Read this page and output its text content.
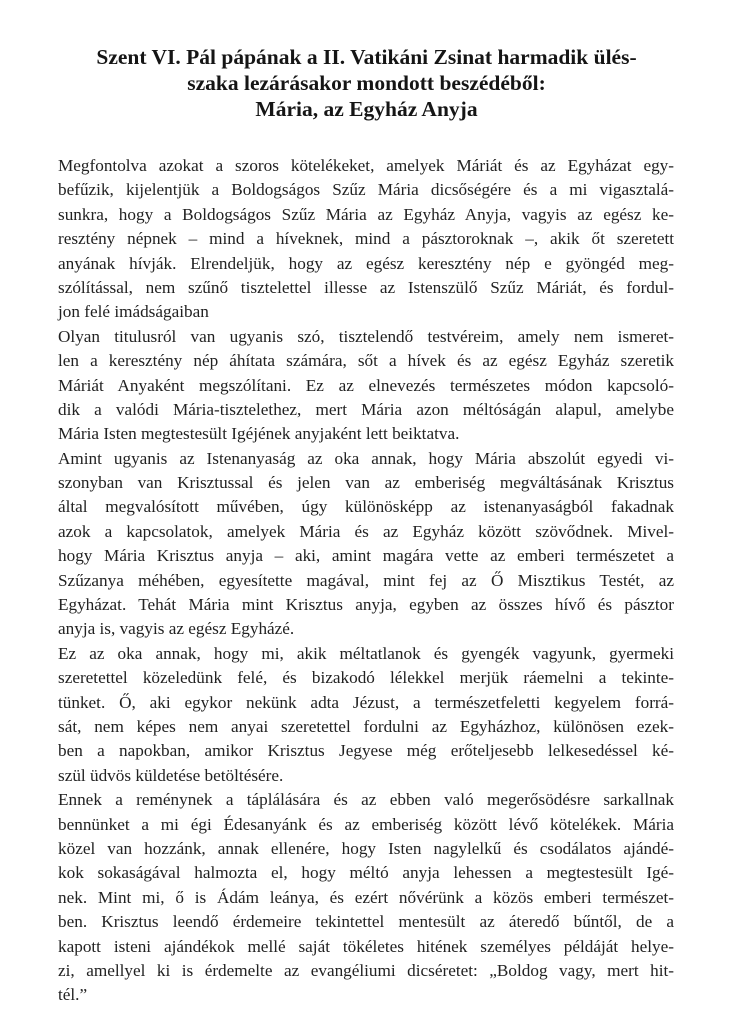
Szent VI. Pál pápának a II. Vatikáni Zsinat harmadik ülés-
szaka lezárásakor mondott beszédéből:
Mária, az Egyház Anyja
Megfontolva azokat a szoros kötelékeket, amelyek Máriát és az Egyházat egy-
befűzik, kijelentjük a Boldogságos Szűz Mária dicsőségére és a mi vigasztalá-
sunkra, hogy a Boldogságos Szűz Mária az Egyház Anyja, vagyis az egész ke-
resztény népnek – mind a híveknek, mind a pásztoroknak –, akik őt szeretett
anyának hívják. Elrendeljük, hogy az egész keresztény nép e gyöngéd meg-
szólítással, nem szűnő tisztelettel illesse az Istenszülő Szűz Máriát, és fordul-
jon felé imádságaiban
Olyan titulusról van ugyanis szó, tisztelendő testvéreim, amely nem ismeret-
len a keresztény nép áhítata számára, sőt a hívek és az egész Egyház szeretik
Máriát Anyaként megszólítani. Ez az elnevezés természetes módon kapcsoló-
dik a valódi Mária-tisztelethez, mert Mária azon méltóságán alapul, amelybe
Mária Isten megtestesült Igéjének anyjaként lett beiktatva.
Amint ugyanis az Istenanyaság az oka annak, hogy Mária abszolút egyedi vi-
szonyban van Krisztussal és jelen van az emberiség megváltásának Krisztus
által megvalósított művében, úgy különösképp az istenanyaságból fakadnak
azok a kapcsolatok, amelyek Mária és az Egyház között szövődnek. Mivel-
hogy Mária Krisztus anyja – aki, amint magára vette az emberi természetet a
Szűzanya méhében, egyesítette magával, mint fej az Ő Misztikus Testét, az
Egyházat. Tehát Mária mint Krisztus anyja, egyben az összes hívő és pásztor
anyja is, vagyis az egész Egyházé.
Ez az oka annak, hogy mi, akik méltatlanok és gyengék vagyunk, gyermeki
szeretettel közeledünk felé, és bizakodó lélekkel merjük ráemelni a tekinte-
tünket. Ő, aki egykor nekünk adta Jézust, a természetfeletti kegyelem forrá-
sát, nem képes nem anyai szeretettel fordulni az Egyházhoz, különösen ezek-
ben a napokban, amikor Krisztus Jegyese még erőteljesebb lelkesedéssel ké-
szül üdvös küldetése betöltésére.
Ennek a reménynek a táplálására és az ebben való megerősödésre sarkallnak
bennünket a mi égi Édesanyánk és az emberiség között lévő kötelékek. Mária
közel van hozzánk, annak ellenére, hogy Isten nagylelkű és csodálatos ajándé-
kok sokaságával halmozta el, hogy méltó anyja lehessen a megtestesült Igé-
nek. Mint mi, ő is Ádám leánya, és ezért nővérünk a közös emberi természet-
ben. Krisztus leendő érdemeire tekintettel mentesült az áteredő bűntől, de a
kapott isteni ajándékok mellé saját tökéletes hitének személyes példáját helye-
zi, amellyel ki is érdemelte az evangéliumi dicséretet: „Boldog vagy, mert hit-
tél.”
